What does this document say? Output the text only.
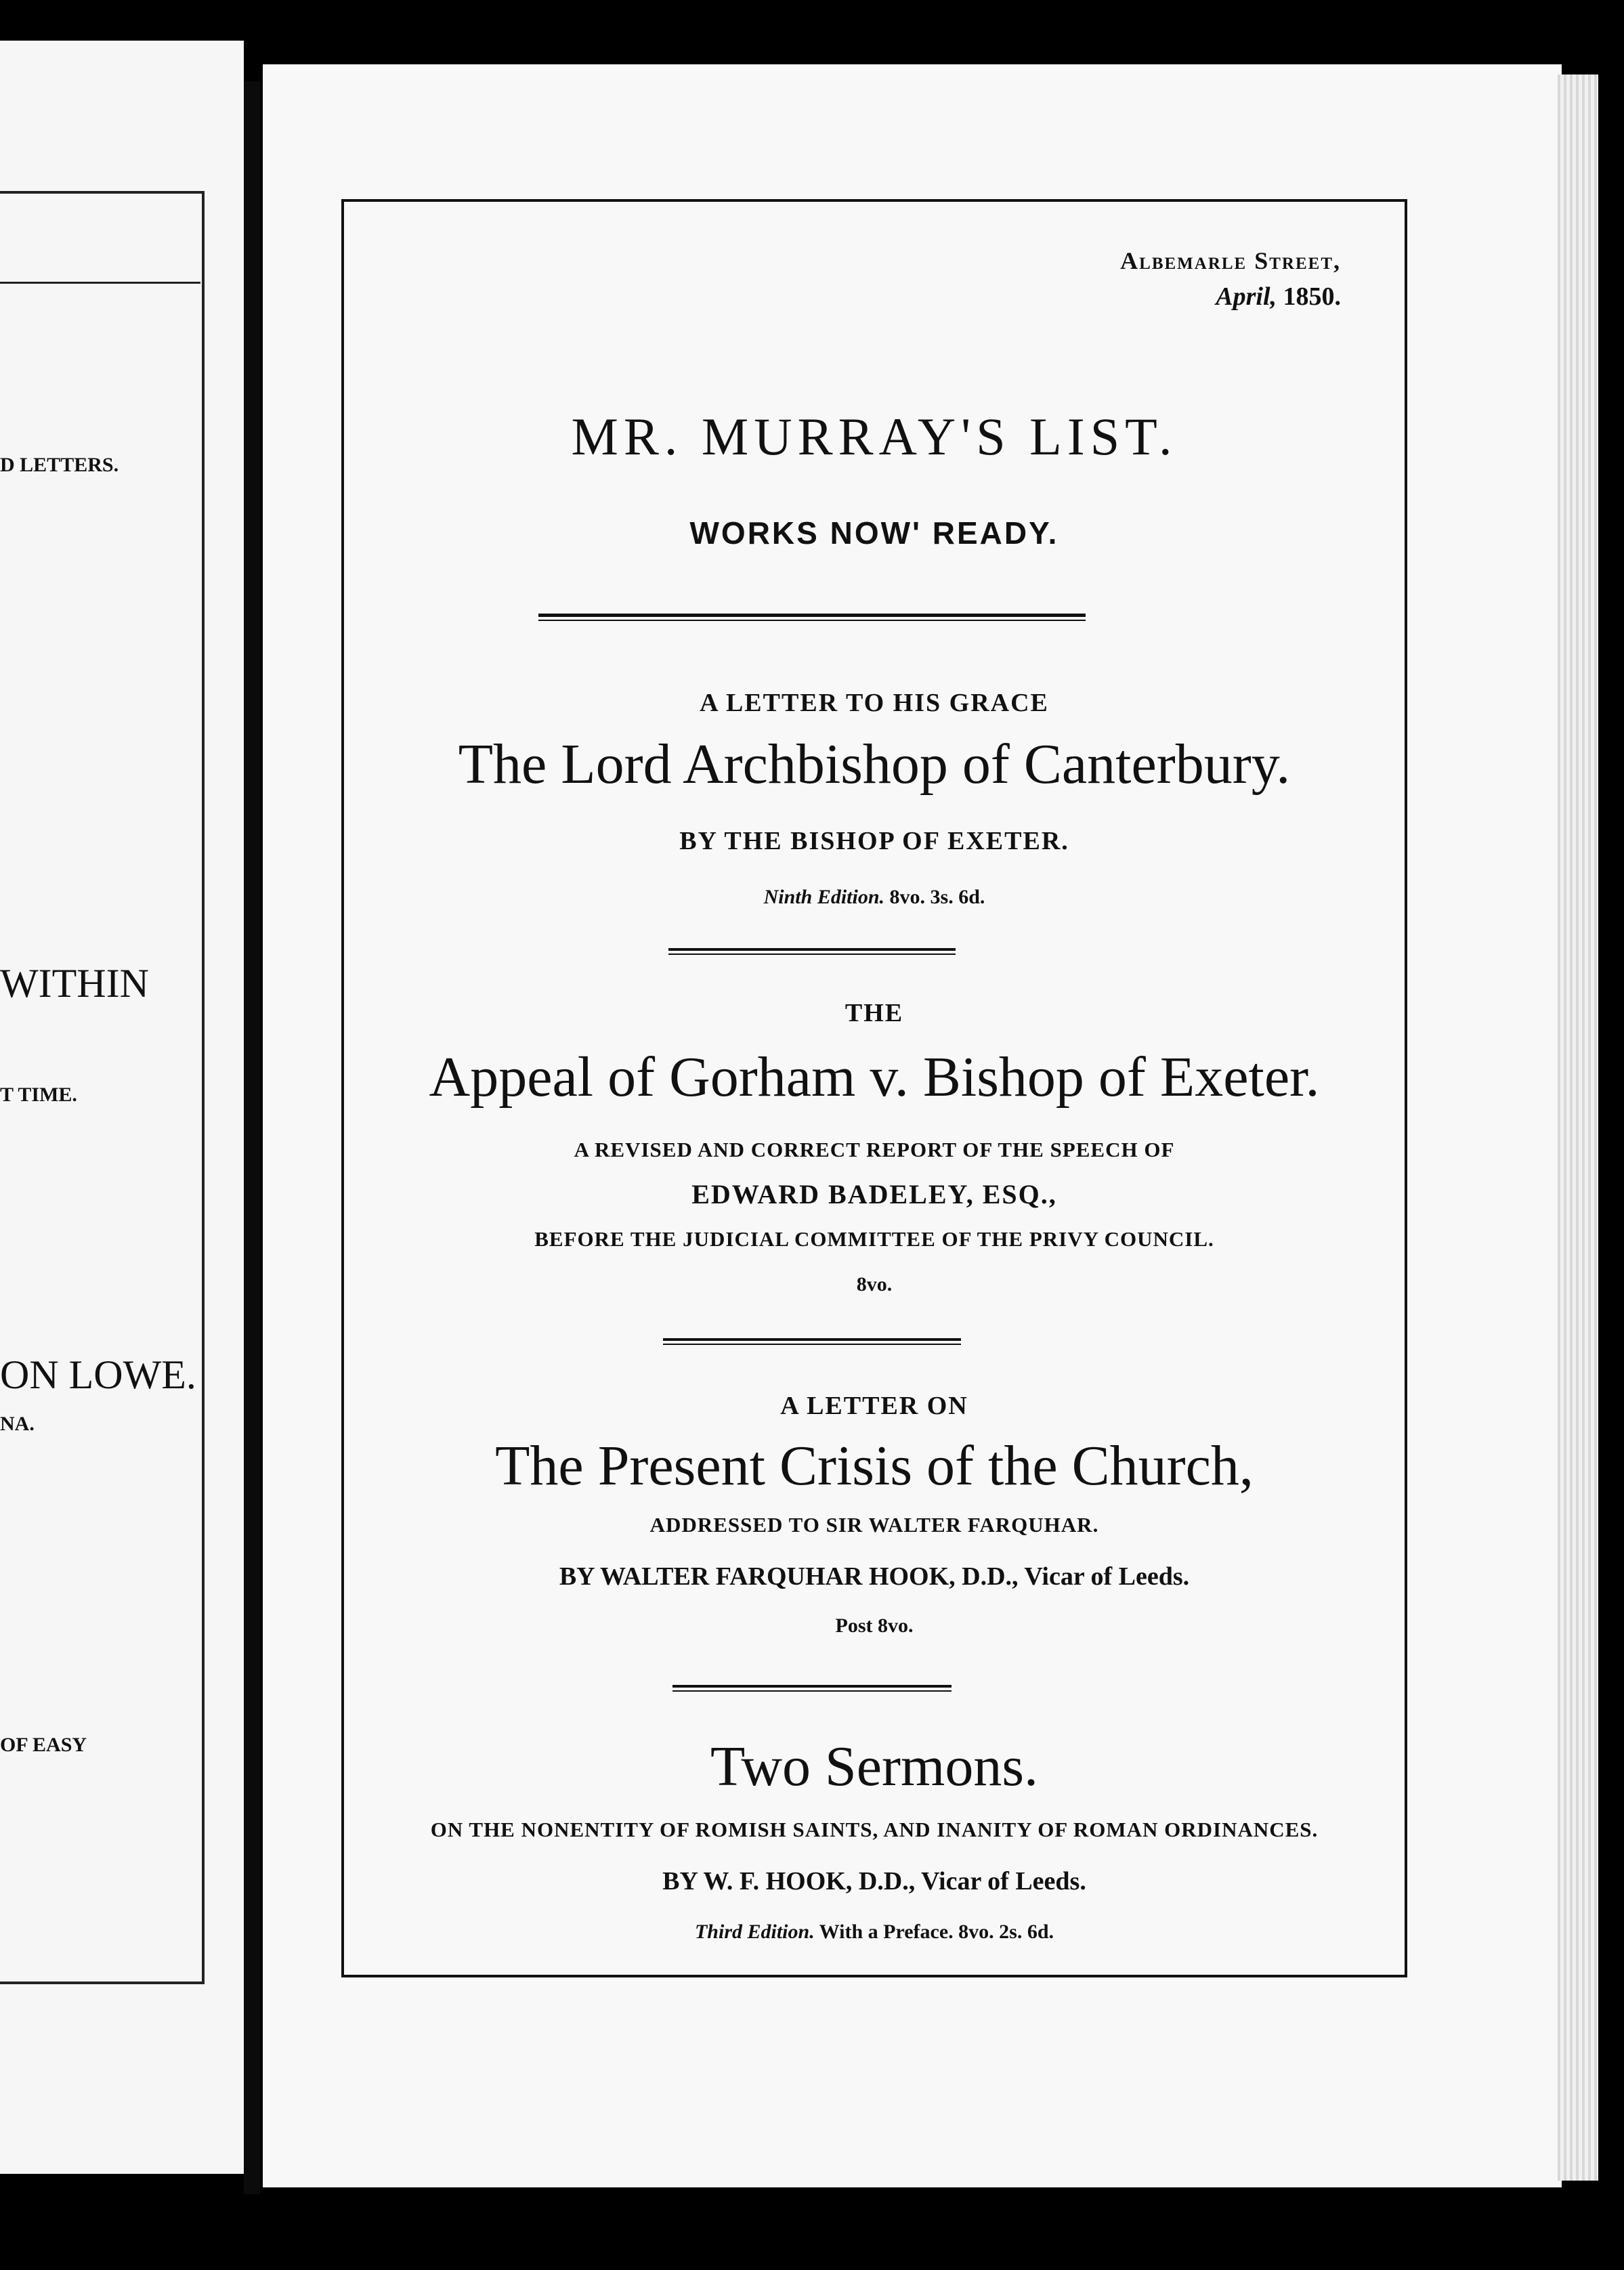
D LETTERS.
WITHIN
T TIME.
ON LOWE.
NA.
OF EASY
Albemarle Street,
April, 1850.
MR. MURRAY'S LIST.
WORKS NOW' READY.
A LETTER TO HIS GRACE
The Lord Archbishop of Canterbury.
BY THE BISHOP OF EXETER.
Ninth Edition. 8vo. 3s. 6d.
THE
Appeal of Gorham v. Bishop of Exeter.
A REVISED AND CORRECT REPORT OF THE SPEECH OF
EDWARD BADELEY, ESQ.,
BEFORE THE JUDICIAL COMMITTEE OF THE PRIVY COUNCIL.
8vo.
A LETTER ON
The Present Crisis of the Church,
ADDRESSED TO SIR WALTER FARQUHAR.
BY WALTER FARQUHAR HOOK, D.D., Vicar of Leeds.
Post 8vo.
Two Sermons.
ON THE NONENTITY OF ROMISH SAINTS, AND INANITY OF ROMAN ORDINANCES.
BY W. F. HOOK, D.D., Vicar of Leeds.
Third Edition. With a Preface. 8vo. 2s. 6d.
